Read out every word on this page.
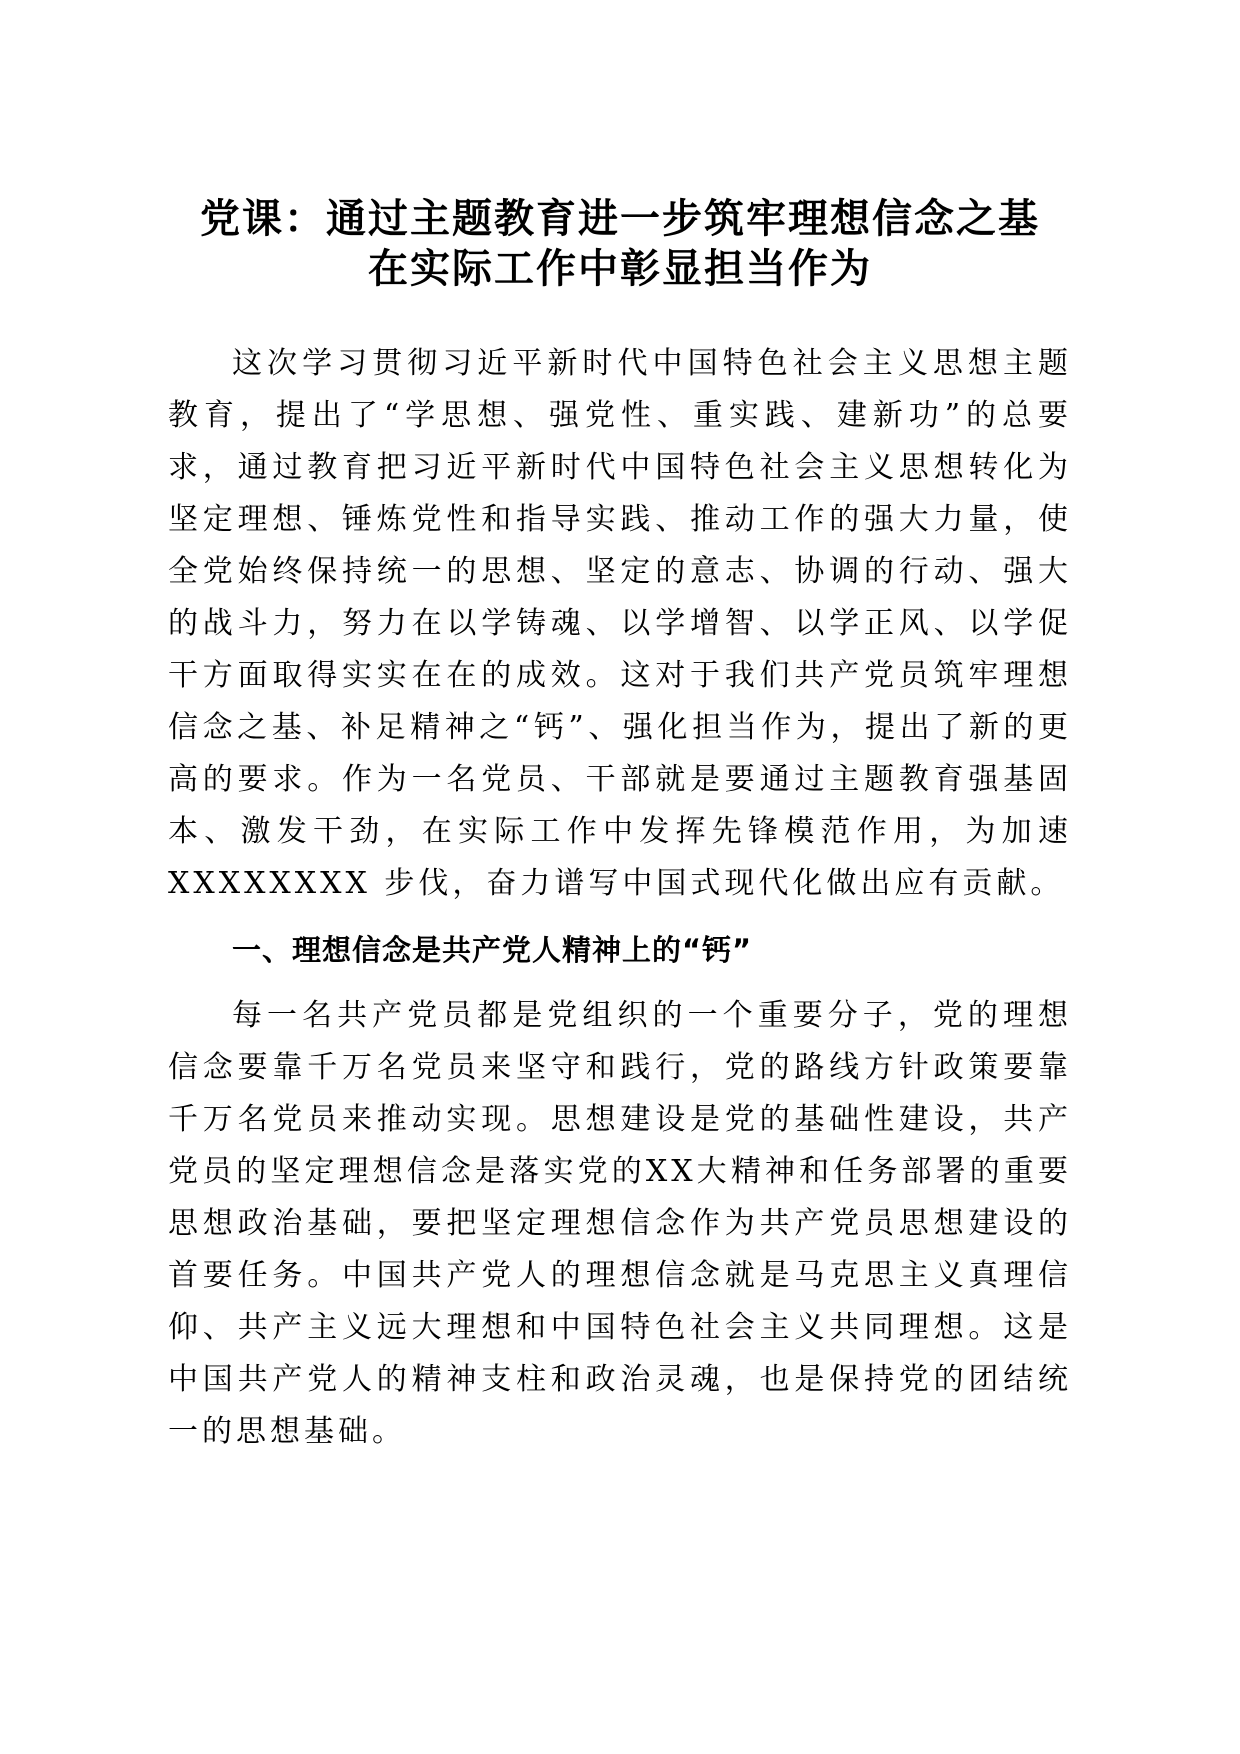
党课：通过主题教育进一步筑牢理想信念之基
在实际工作中彰显担当作为

这次学习贯彻习近平新时代中国特色社会主义思想主题教育，提出了“学思想、强党性、重实践、建新功”的总要求，通过教育把习近平新时代中国特色社会主义思想转化为坚定理想、锤炼党性和指导实践、推动工作的强大力量，使全党始终保持统一的思想、坚定的意志、协调的行动、强大的战斗力，努力在以学铸魂、以学增智、以学正风、以学促干方面取得实实在在的成效。这对于我们共产党员筑牢理想信念之基、补足精神之“钙”、强化担当作为，提出了新的更高的要求。作为一名党员、干部就是要通过主题教育强基固本、激发干劲，在实际工作中发挥先锋模范作用，为加速 XXXXXXXX 步伐，奋力谱写中国式现代化做出应有贡献。

一、理想信念是共产党人精神上的“钙”

每一名共产党员都是党组织的一个重要分子，党的理想信念要靠千万名党员来坚守和践行，党的路线方针政策要靠千万名党员来推动实现。思想建设是党的基础性建设，共产党员的坚定理想信念是落实党的XX大精神和任务部署的重要思想政治基础，要把坚定理想信念作为共产党员思想建设的首要任务。中国共产党人的理想信念就是马克思主义真理信仰、共产主义远大理想和中国特色社会主义共同理想。这是中国共产党人的精神支柱和政治灵魂，也是保持党的团结统一的思想基础。
